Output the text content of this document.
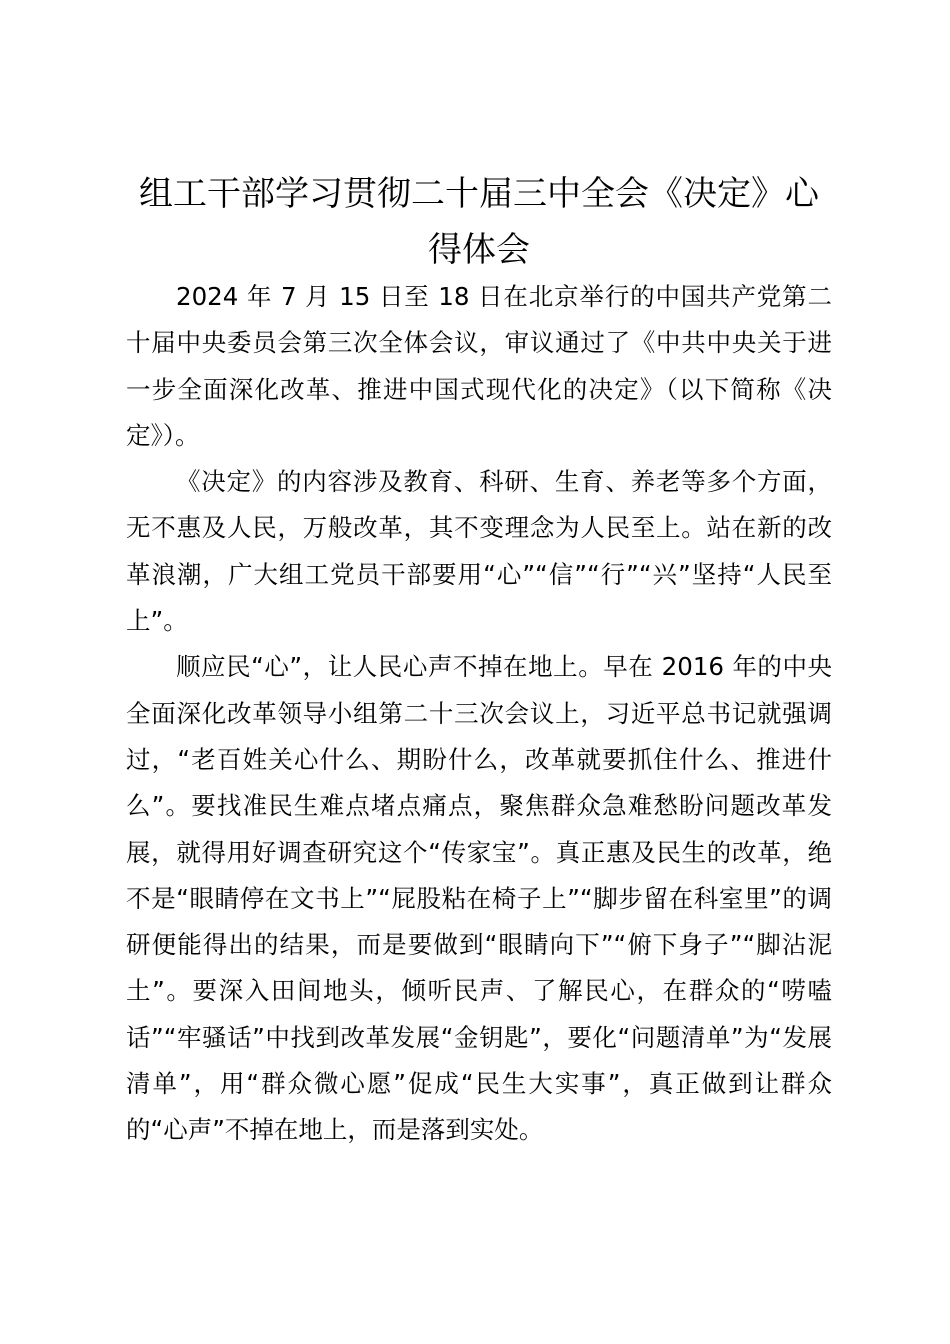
组工干部学习贯彻二十届三中全会《决定》心得体会

2024 年 7 月 15 日至 18 日在北京举行的中国共产党第二十届中央委员会第三次全体会议，审议通过了《中共中央关于进一步全面深化改革、推进中国式现代化的决定》（以下简称《决定》）。

《决定》的内容涉及教育、科研、生育、养老等多个方面，无不惠及人民，万般改革，其不变理念为人民至上。站在新的改革浪潮，广大组工党员干部要用“心”“信”“行”“兴”坚持“人民至上”。

顺应民“心”，让人民心声不掉在地上。早在 2016 年的中央全面深化改革领导小组第二十三次会议上，习近平总书记就强调过，“老百姓关心什么、期盼什么，改革就要抓住什么、推进什么”。要找准民生难点堵点痛点，聚焦群众急难愁盼问题改革发展，就得用好调查研究这个“传家宝”。真正惠及民生的改革，绝不是“眼睛停在文书上”“屁股粘在椅子上”“脚步留在科室里”的调研便能得出的结果，而是要做到“眼睛向下”“俯下身子”“脚沾泥土”。要深入田间地头，倾听民声、了解民心，在群众的“唠嗑话”“牢骚话”中找到改革发展“金钥匙”，要化“问题清单”为“发展清单”，用“群众微心愿”促成“民生大实事”，真正做到让群众的“心声”不掉在地上，而是落到实处。
